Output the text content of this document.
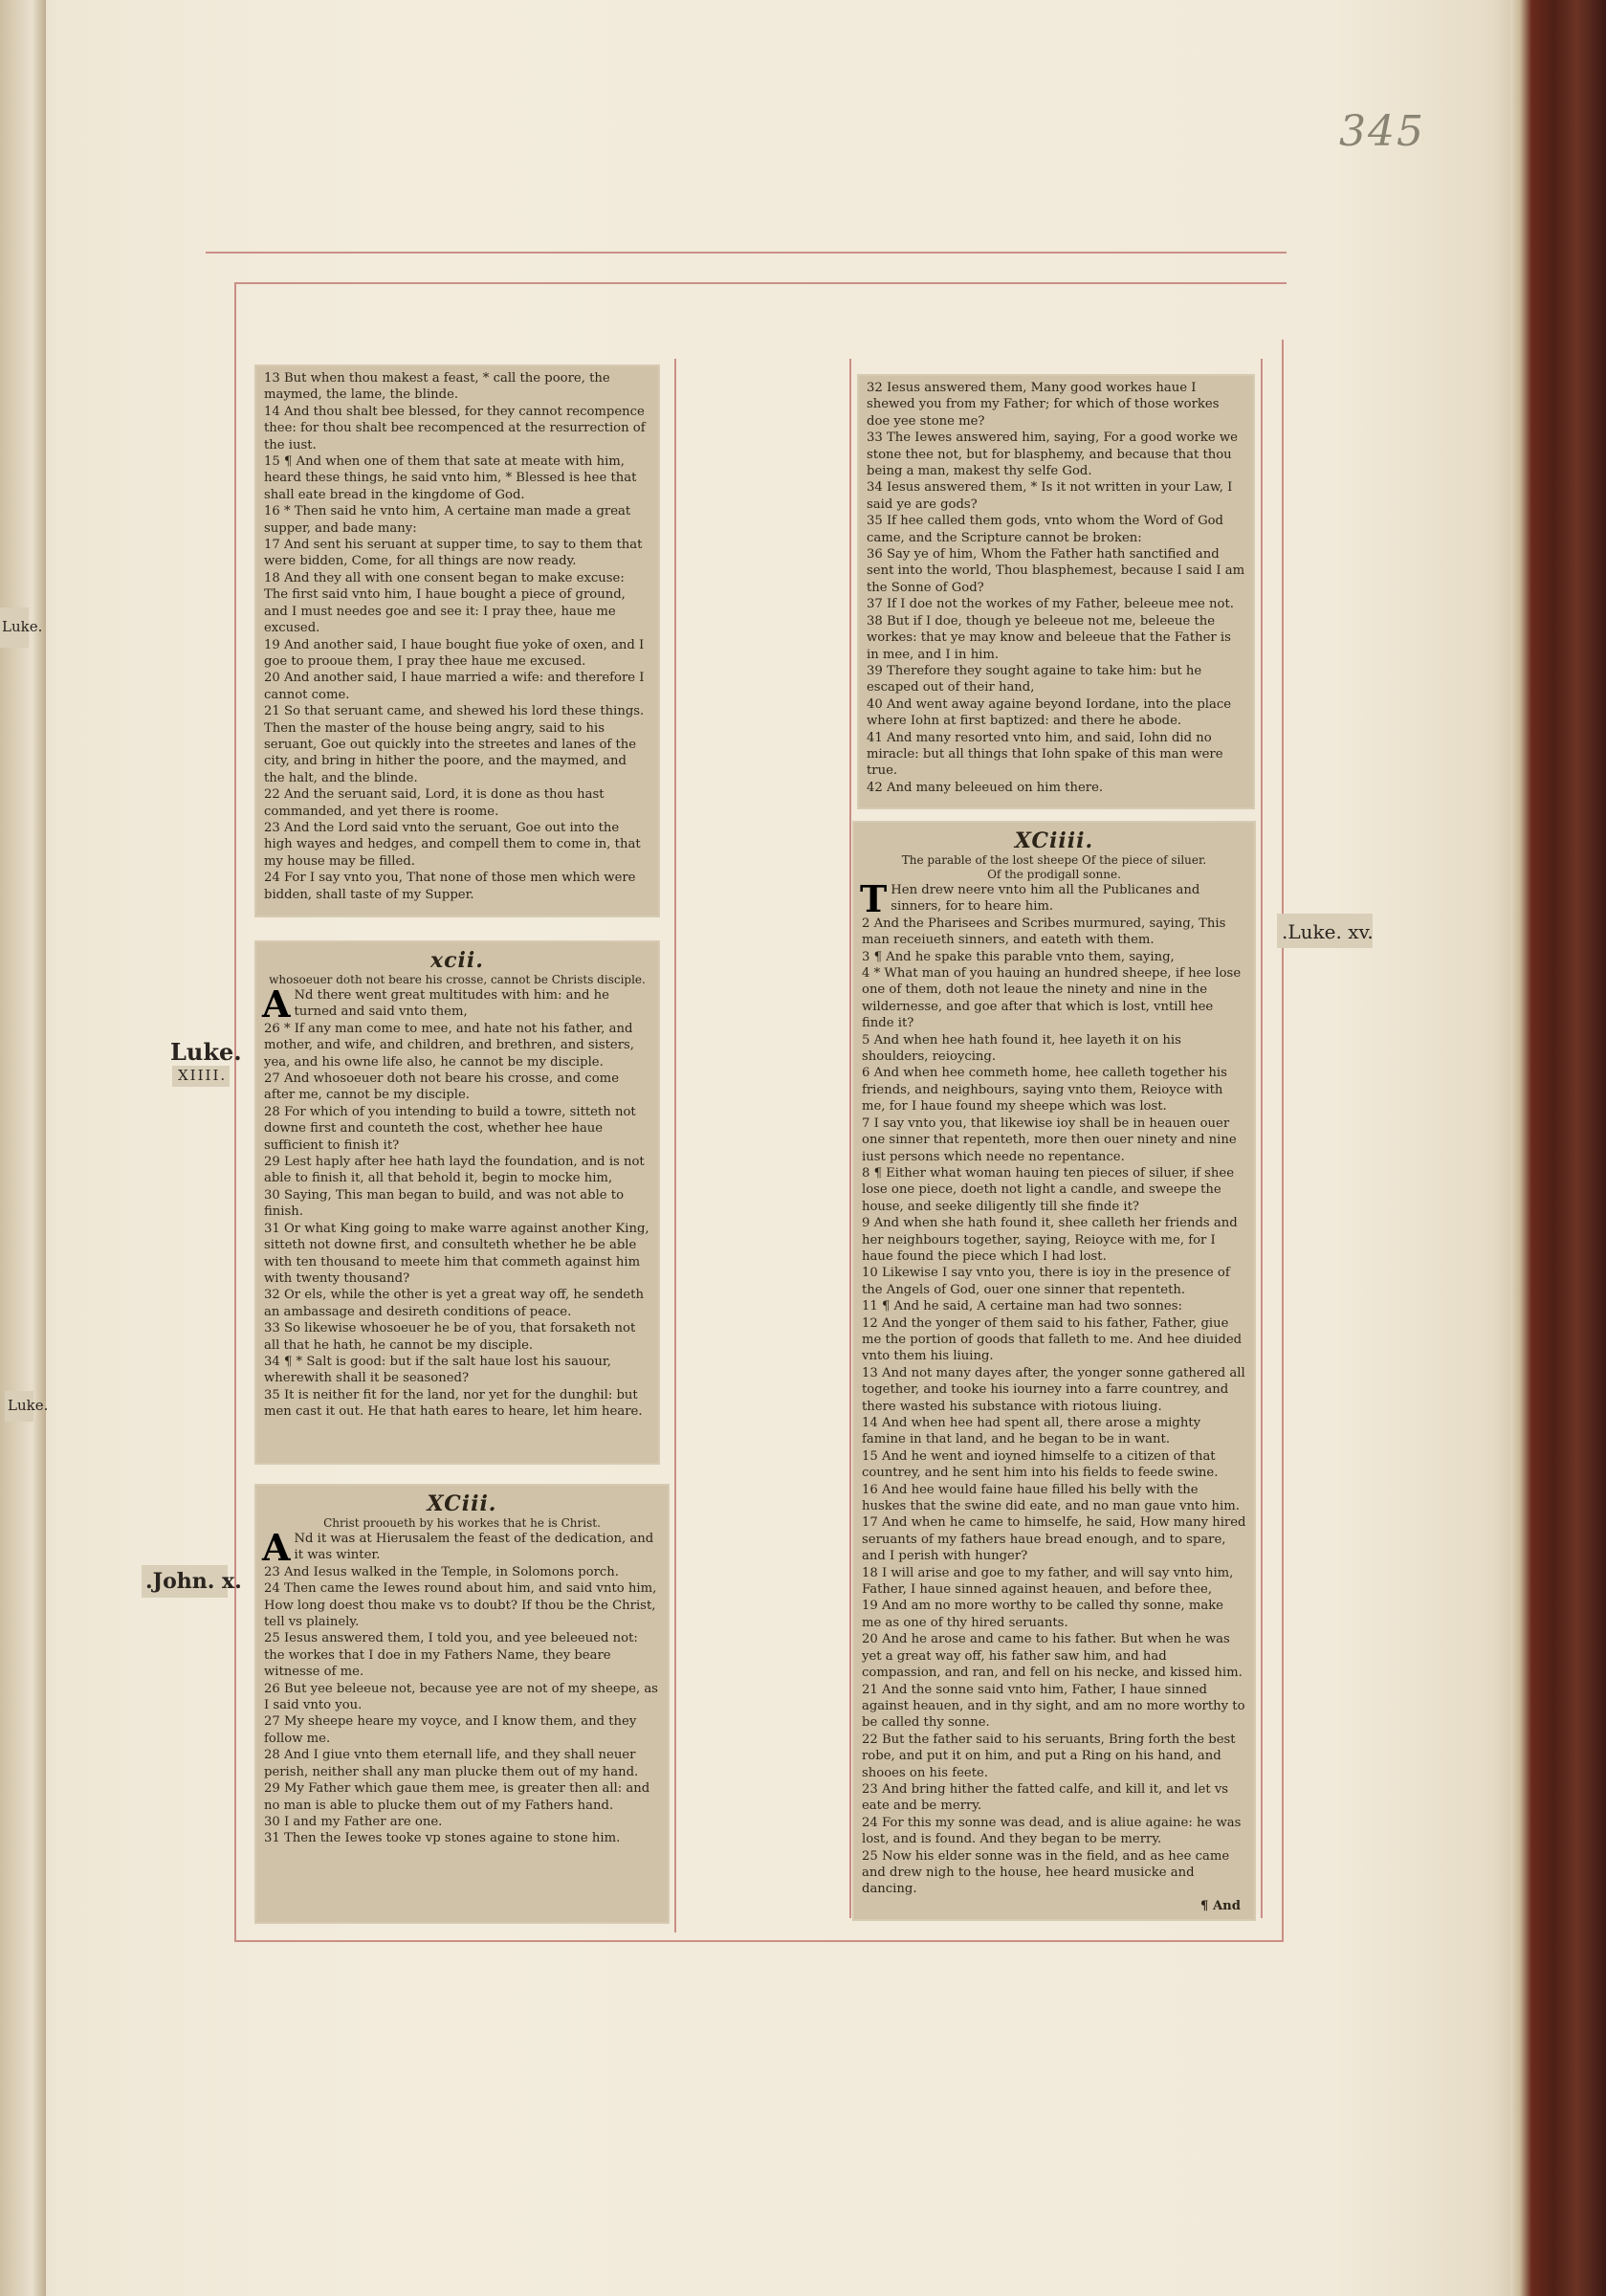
345
Luke.
Luke.
.Luke. xv.
Luke.
XIIII.
.John. x.

13 But when thou makest a feast, * call the poore, the maymed, the lame, the blinde.

14 And thou shalt bee blessed, for they cannot recompence thee: for thou shalt bee recompenced at the resurrection of the iust.

15 ¶ And when one of them that sate at meate with him, heard these things, he said vnto him, * Blessed is hee that shall eate bread in the kingdome of God.

16 * Then said he vnto him, A certaine man made a great supper, and bade many:

17 And sent his seruant at supper time, to say to them that were bidden, Come, for all things are now ready.

18 And they all with one consent began to make excuse: The first said vnto him, I haue bought a piece of ground, and I must needes goe and see it: I pray thee, haue me excused.

19 And another said, I haue bought fiue yoke of oxen, and I goe to prooue them, I pray thee haue me excused.

20 And another said, I haue married a wife: and therefore I cannot come.

21 So that seruant came, and shewed his lord these things. Then the master of the house being angry, said to his seruant, Goe out quickly into the streetes and lanes of the city, and bring in hither the poore, and the maymed, and the halt, and the blinde.

22 And the seruant said, Lord, it is done as thou hast commanded, and yet there is roome.

23 And the Lord said vnto the seruant, Goe out into the high wayes and hedges, and compell them to come in, that my house may be filled.

24 For I say vnto you, That none of those men which were bidden, shall taste of my Supper.

xcii.

whosoeuer doth not beare his crosse, cannot be Christs disciple.

A Nd there went great multitudes with him: and he turned and said vnto them,

26 * If any man come to mee, and hate not his father, and mother, and wife, and children, and brethren, and sisters, yea, and his owne life also, he cannot be my disciple.

27 And whosoeuer doth not beare his crosse, and come after me, cannot be my disciple.

28 For which of you intending to build a towre, sitteth not downe first and counteth the cost, whether hee haue sufficient to finish it?

29 Lest haply after hee hath layd the foundation, and is not able to finish it, all that behold it, begin to mocke him,

30 Saying, This man began to build, and was not able to finish.

31 Or what King going to make warre against another King, sitteth not downe first, and consulteth whether he be able with ten thousand to meete him that commeth against him with twenty thousand?

32 Or els, while the other is yet a great way off, he sendeth an ambassage and desireth conditions of peace.

33 So likewise whosoeuer he be of you, that forsaketh not all that he hath, he cannot be my disciple.

34 ¶ * Salt is good: but if the salt haue lost his sauour, wherewith shall it be seasoned?

35 It is neither fit for the land, nor yet for the dunghil: but men cast it out. He that hath eares to heare, let him heare.

XCiii.

Christ prooueth by his workes that he is Christ.

A Nd it was at Hierusalem the feast of the dedication, and it was winter.

23 And Iesus walked in the Temple, in Solomons porch.

24 Then came the Iewes round about him, and said vnto him, How long doest thou make vs to doubt? If thou be the Christ, tell vs plainely.

25 Iesus answered them, I told you, and yee beleeued not: the workes that I doe in my Fathers Name, they beare witnesse of me.

26 But yee beleeue not, because yee are not of my sheepe, as I said vnto you.

27 My sheepe heare my voyce, and I know them, and they follow me.

28 And I giue vnto them eternall life, and they shall neuer perish, neither shall any man plucke them out of my hand.

29 My Father which gaue them mee, is greater then all: and no man is able to plucke them out of my Fathers hand.

30 I and my Father are one.

31 Then the Iewes tooke vp stones againe to stone him.

32 Iesus answered them, Many good workes haue I shewed you from my Father; for which of those workes doe yee stone me?

33 The Iewes answered him, saying, For a good worke we stone thee not, but for blasphemy, and because that thou being a man, makest thy selfe God.

34 Iesus answered them, * Is it not written in your Law, I said ye are gods?

35 If hee called them gods, vnto whom the Word of God came, and the Scripture cannot be broken:

36 Say ye of him, Whom the Father hath sanctified and sent into the world, Thou blasphemest, because I said I am the Sonne of God?

37 If I doe not the workes of my Father, beleeue mee not.

38 But if I doe, though ye beleeue not me, beleeue the workes: that ye may know and beleeue that the Father is in mee, and I in him.

39 Therefore they sought againe to take him: but he escaped out of their hand,

40 And went away againe beyond Iordane, into the place where Iohn at first baptized: and there he abode.

41 And many resorted vnto him, and said, Iohn did no miracle: but all things that Iohn spake of this man were true.

42 And many beleeued on him there.

XCiiii.

The parable of the lost sheepe Of the piece of siluer.

Of the prodigall sonne.

T Hen drew neere vnto him all the Publicanes and sinners, for to heare him.

2 And the Pharisees and Scribes murmured, saying, This man receiueth sinners, and eateth with them.

3 ¶ And he spake this parable vnto them, saying,

4 * What man of you hauing an hundred sheepe, if hee lose one of them, doth not leaue the ninety and nine in the wildernesse, and goe after that which is lost, vntill hee finde it?

5 And when hee hath found it, hee layeth it on his shoulders, reioycing.

6 And when hee commeth home, hee calleth together his friends, and neighbours, saying vnto them, Reioyce with me, for I haue found my sheepe which was lost.

7 I say vnto you, that likewise ioy shall be in heauen ouer one sinner that repenteth, more then ouer ninety and nine iust persons which neede no repentance.

8 ¶ Either what woman hauing ten pieces of siluer, if shee lose one piece, doeth not light a candle, and sweepe the house, and seeke diligently till she finde it?

9 And when she hath found it, shee calleth her friends and her neighbours together, saying, Reioyce with me, for I haue found the piece which I had lost.

10 Likewise I say vnto you, there is ioy in the presence of the Angels of God, ouer one sinner that repenteth.

11 ¶ And he said, A certaine man had two sonnes:

12 And the yonger of them said to his father, Father, giue me the portion of goods that falleth to me. And hee diuided vnto them his liuing.

13 And not many dayes after, the yonger sonne gathered all together, and tooke his iourney into a farre countrey, and there wasted his substance with riotous liuing.

14 And when hee had spent all, there arose a mighty famine in that land, and he began to be in want.

15 And he went and ioyned himselfe to a citizen of that countrey, and he sent him into his fields to feede swine.

16 And hee would faine haue filled his belly with the huskes that the swine did eate, and no man gaue vnto him.

17 And when he came to himselfe, he said, How many hired seruants of my fathers haue bread enough, and to spare, and I perish with hunger?

18 I will arise and goe to my father, and will say vnto him, Father, I haue sinned against heauen, and before thee,

19 And am no more worthy to be called thy sonne, make me as one of thy hired seruants.

20 And he arose and came to his father. But when he was yet a great way off, his father saw him, and had compassion, and ran, and fell on his necke, and kissed him.

21 And the sonne said vnto him, Father, I haue sinned against heauen, and in thy sight, and am no more worthy to be called thy sonne.

22 But the father said to his seruants, Bring forth the best robe, and put it on him, and put a Ring on his hand, and shooes on his feete.

23 And bring hither the fatted calfe, and kill it, and let vs eate and be merry.

24 For this my sonne was dead, and is aliue againe: he was lost, and is found. And they began to be merry.

25 Now his elder sonne was in the field, and as hee came and drew nigh to the house, hee heard musicke and dancing.

¶ And
